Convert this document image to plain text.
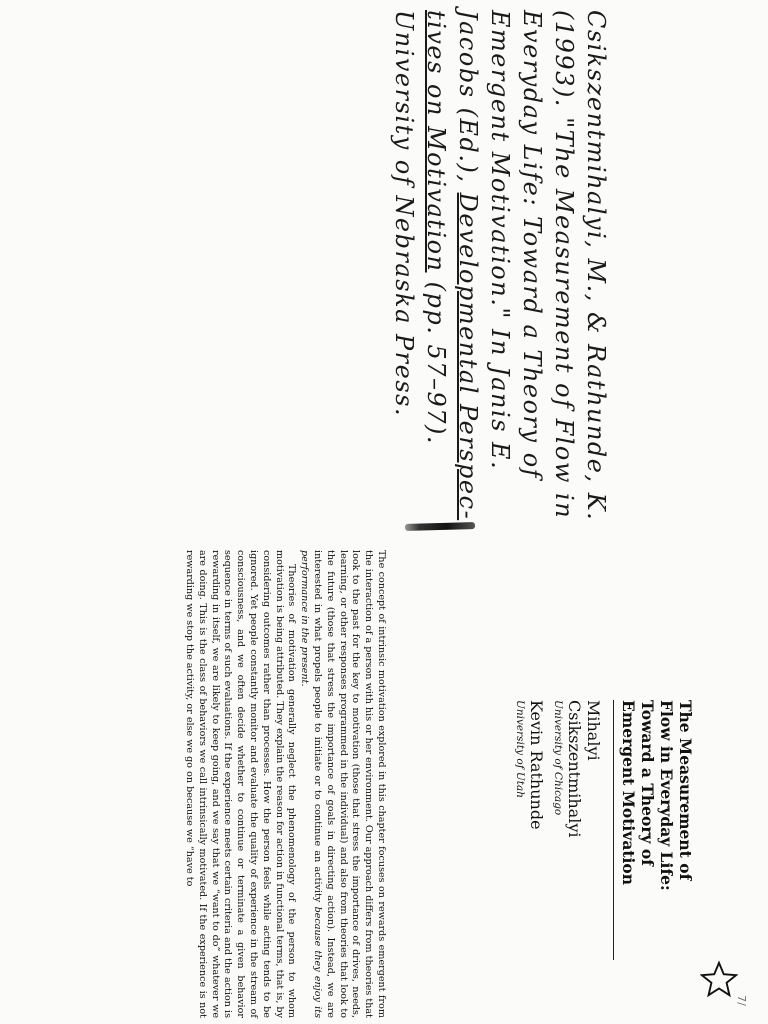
Csikszentmihalyi, M., & Rathunde, K.
(1993). "The Measurement of Flow in
Everyday Life: Toward a Theory of
Emergent Motivation." In Janis E.
Jacobs (Ed.), Developmental Perspec-
tives on Motivation (pp. 57–97).
University of Nebraska Press.
The Measurement of
Flow in Everyday Life:
Toward a Theory of
Emergent Motivation
Mihalyi
Csikszentmihalyi
University of Chicago
Kevin Rathunde
University of Utah

The concept of intrinsic motivation explored in this chapter focuses on rewards emergent from the interaction of a person with his or her environment. Our approach differs from theories that look to the past for the key to motivation (those that stress the importance of drives, needs, learning, or other responses programmed in the individual) and also from theories that look to the future (those that stress the importance of goals in directing action). Instead, we are interested in what propels people to initiate or to continue an activity because they enjoy its performance in the present.

Theories of motivation generally neglect the phenomenology of the person to whom motivation is being attributed. They explain the reason for action in functional terms, that is, by considering outcomes rather than processes. How the person feels while acting tends to be ignored. Yet people constantly monitor and evaluate the quality of experience in the stream of consciousness, and we often decide whether to continue or terminate a given behavior sequence in terms of such evaluations. If the experience meets certain criteria and the action is rewarding in itself, we are likely to keep going, and we say that we “want to do” whatever we are doing. This is the class of behaviors we call intrinsically motivated. If the experience is not rewarding we stop the activity, or else we go on because we “have to

7/
